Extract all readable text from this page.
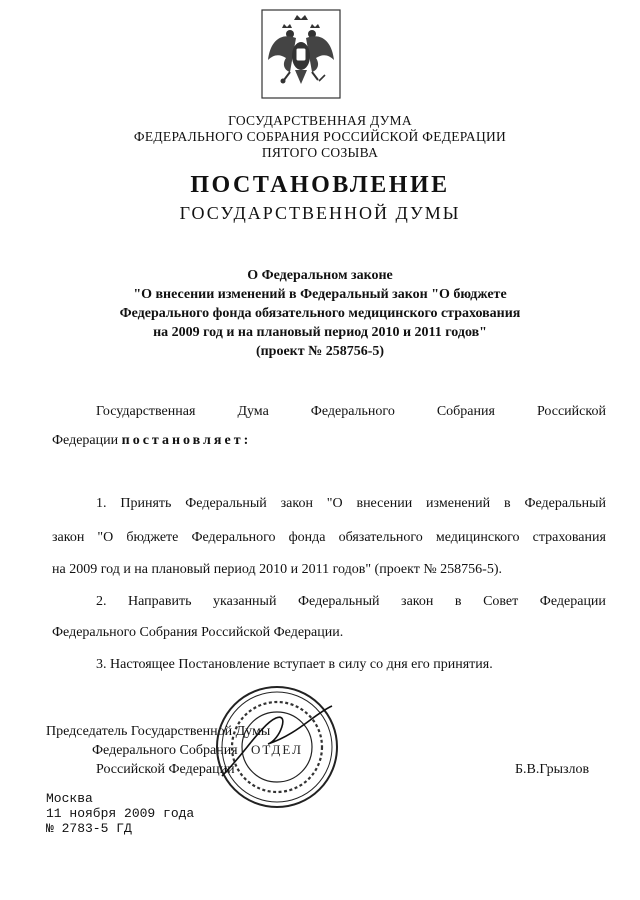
ГОСУДАРСТВЕННАЯ ДУМА
ФЕДЕРАЛЬНОГО СОБРАНИЯ РОССИЙСКОЙ ФЕДЕРАЦИИ
ПЯТОГО СОЗЫВА
ПОСТАНОВЛЕНИЕ
ГОСУДАРСТВЕННОЙ ДУМЫ
О Федеральном законе
"О внесении изменений в Федеральный закон "О бюджете
Федерального фонда обязательного медицинского страхования
на 2009 год и на плановый период 2010 и 2011 годов"
(проект № 258756-5)
Государственная	Дума	Федерального	Собрания	Российской
Федерации постановляет:
1. Принять Федеральный закон "О внесении изменений в Федеральный
закон "О бюджете Федерального фонда обязательного медицинского страхования
на 2009 год и на плановый период 2010 и 2011 годов" (проект № 258756-5).
2. Направить указанный Федеральный закон в Совет Федерации
Федерального Собрания Российской Федерации.
3. Настоящее Постановление вступает в силу со дня его принятия.
Председатель Государственной Думы
Федерального Собрания
Российской Федерации	Б.В.Грызлов
ОТДЕЛ
Москва
11 ноября 2009 года
№ 2783-5 ГД
